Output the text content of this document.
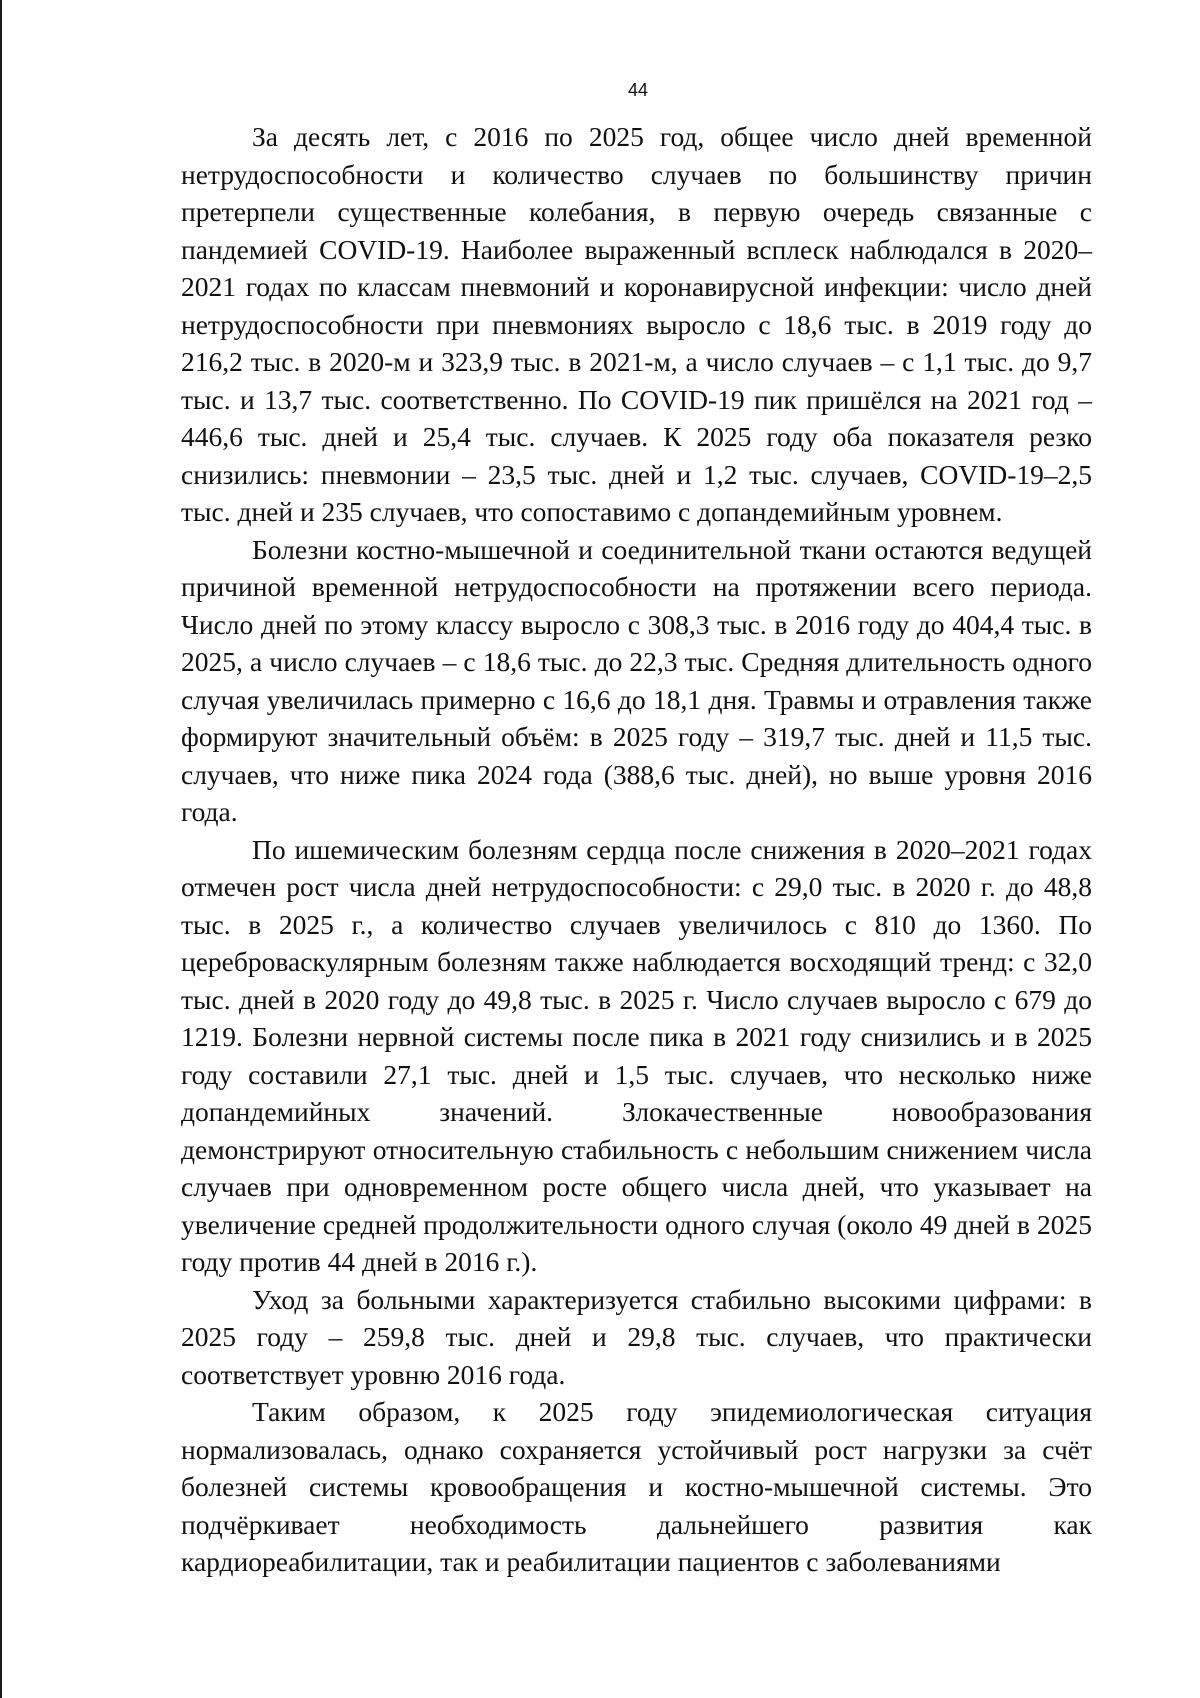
44

За десять лет, с 2016 по 2025 год, общее число дней временной нетрудоспособности и количество случаев по большинству причин претерпели существенные колебания, в первую очередь связанные с пандемией COVID-19. Наиболее выраженный всплеск наблюдался в 2020–2021 годах по классам пневмоний и коронавирусной инфекции: число дней нетрудоспособности при пневмониях выросло с 18,6 тыс. в 2019 году до 216,2 тыс. в 2020-м и 323,9 тыс. в 2021-м, а число случаев – с 1,1 тыс. до 9,7 тыс. и 13,7 тыс. соответственно. По COVID-19 пик пришёлся на 2021 год – 446,6 тыс. дней и 25,4 тыс. случаев. К 2025 году оба показателя резко снизились: пневмонии – 23,5 тыс. дней и 1,2 тыс. случаев, COVID-19–2,5 тыс. дней и 235 случаев, что сопоставимо с допандемийным уровнем.

Болезни костно-мышечной и соединительной ткани остаются ведущей причиной временной нетрудоспособности на протяжении всего периода. Число дней по этому классу выросло с 308,3 тыс. в 2016 году до 404,4 тыс. в 2025, а число случаев – с 18,6 тыс. до 22,3 тыс. Средняя длительность одного случая увеличилась примерно с 16,6 до 18,1 дня. Травмы и отравления также формируют значительный объём: в 2025 году – 319,7 тыс. дней и 11,5 тыс. случаев, что ниже пика 2024 года (388,6 тыс. дней), но выше уровня 2016 года.

По ишемическим болезням сердца после снижения в 2020–2021 годах отмечен рост числа дней нетрудоспособности: с 29,0 тыс. в 2020 г. до 48,8 тыс. в 2025 г., а количество случаев увеличилось с 810 до 1360. По цереброваскулярным болезням также наблюдается восходящий тренд: с 32,0 тыс. дней в 2020 году до 49,8 тыс. в 2025 г. Число случаев выросло с 679 до 1219. Болезни нервной системы после пика в 2021 году снизились и в 2025 году составили 27,1 тыс. дней и 1,5 тыс. случаев, что несколько ниже допандемийных значений. Злокачественные новообразования демонстрируют относительную стабильность с небольшим снижением числа случаев при одновременном росте общего числа дней, что указывает на увеличение средней продолжительности одного случая (около 49 дней в 2025 году против 44 дней в 2016 г.).

Уход за больными характеризуется стабильно высокими цифрами: в 2025 году – 259,8 тыс. дней и 29,8 тыс. случаев, что практически соответствует уровню 2016 года.

Таким образом, к 2025 году эпидемиологическая ситуация нормализовалась, однако сохраняется устойчивый рост нагрузки за счёт болезней системы кровообращения и костно-мышечной системы. Это подчёркивает необходимость дальнейшего развития как кардиореабилитации, так и реабилитации пациентов с заболеваниями
